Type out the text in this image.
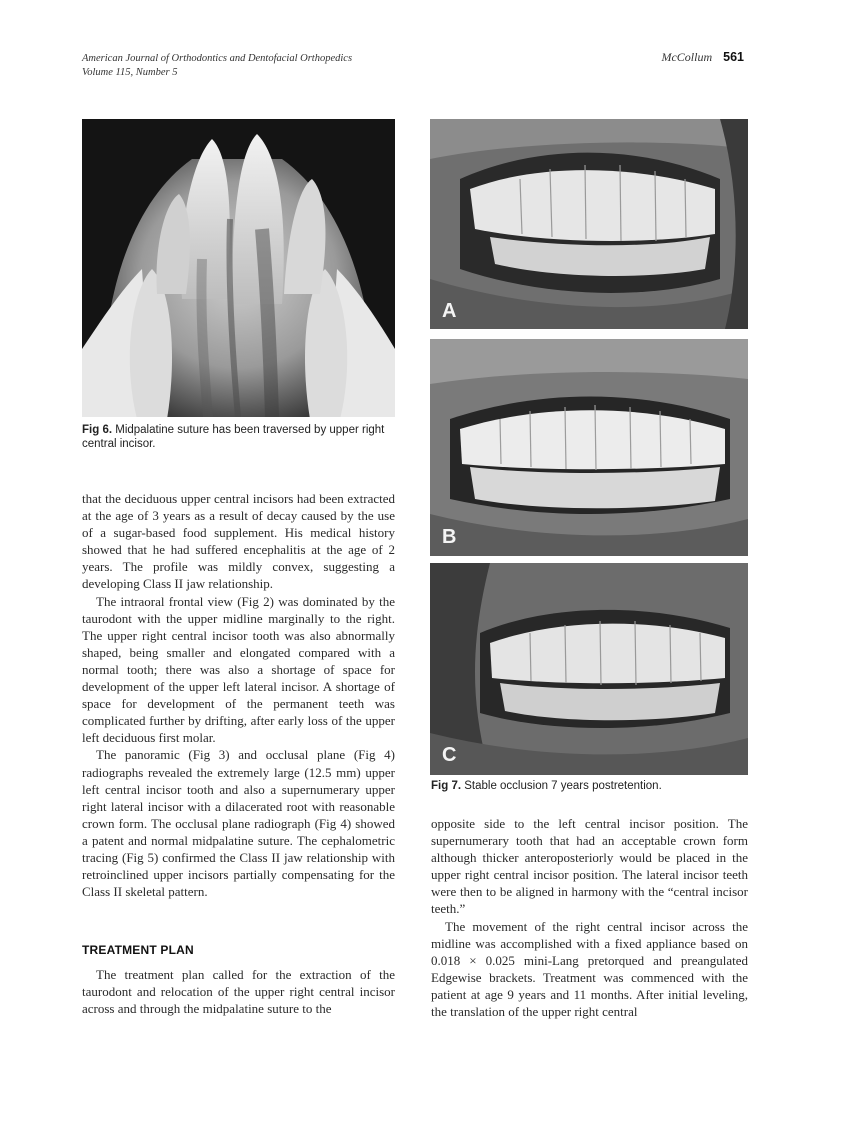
American Journal of Orthodontics and Dentofacial Orthopedics
Volume 115, Number 5
McCollum 561
Fig 6. Midpalatine suture has been traversed by upper right central incisor.
A
B
C
Fig 7. Stable occlusion 7 years postretention.

that the deciduous upper central incisors had been extracted at the age of 3 years as a result of decay caused by the use of a sugar-based food supplement. His medical history showed that he had suffered encephalitis at the age of 2 years. The profile was mildly convex, suggesting a developing Class II jaw relationship.

The intraoral frontal view (Fig 2) was dominated by the taurodont with the upper midline marginally to the right. The upper right central incisor tooth was also abnormally shaped, being smaller and elongated compared with a normal tooth; there was also a shortage of space for development of the upper left lateral incisor. A shortage of space for development of the permanent teeth was complicated further by drifting, after early loss of the upper left deciduous first molar.

The panoramic (Fig 3) and occlusal plane (Fig 4) radiographs revealed the extremely large (12.5 mm) upper left central incisor tooth and also a supernumerary upper right lateral incisor with a dilacerated root with reasonable crown form. The occlusal plane radiograph (Fig 4) showed a patent and normal midpalatine suture. The cephalometric tracing (Fig 5) confirmed the Class II jaw relationship with retroinclined upper incisors partially compensating for the Class II skeletal pattern.

TREATMENT PLAN

The treatment plan called for the extraction of the taurodont and relocation of the upper right central incisor across and through the midpalatine suture to the

opposite side to the left central incisor position. The supernumerary tooth that had an acceptable crown form although thicker anteroposteriorly would be placed in the upper right central incisor position. The lateral incisor teeth were then to be aligned in harmony with the “central incisor teeth.”

The movement of the right central incisor across the midline was accomplished with a fixed appliance based on 0.018 × 0.025 mini-Lang pretorqued and preangulated Edgewise brackets. Treatment was commenced with the patient at age 9 years and 11 months. After initial leveling, the translation of the upper right central
